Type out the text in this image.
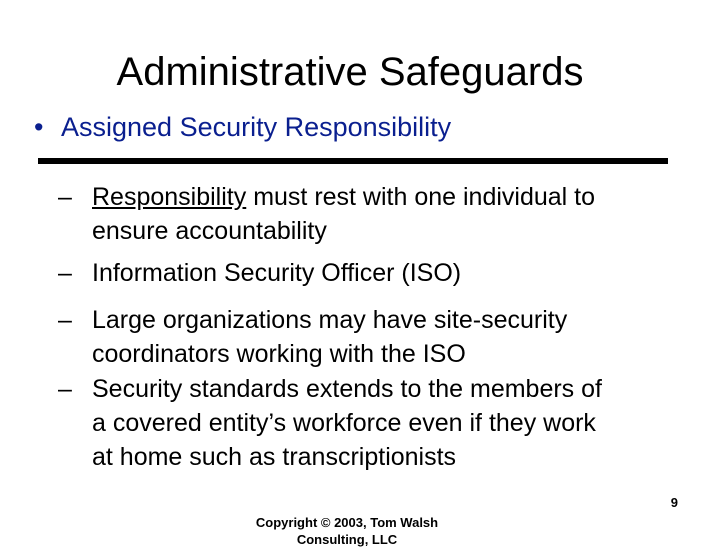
Administrative Safeguards
• Assigned Security Responsibility
– Responsibility must rest with one individual to
ensure accountability
– Information Security Officer (ISO)
– Large organizations may have site-security
coordinators working with the ISO
– Security standards extends to the members of
a covered entity’s workforce even if they work
at home such as transcriptionists
9
Copyright © 2003, Tom Walsh
Consulting, LLC
